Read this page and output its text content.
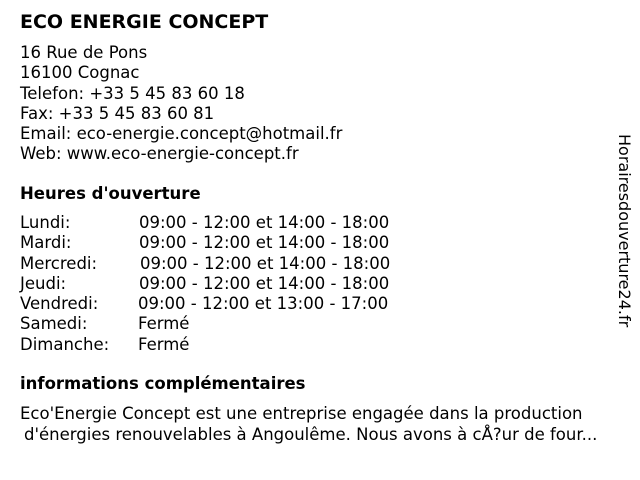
ECO ENERGIE CONCEPT
16 Rue de Pons
16100 Cognac
Telefon: +33 5 45 83 60 18
Fax: +33 5 45 83 60 81
Email: eco-energie.concept@hotmail.fr
Web: www.eco-energie-concept.fr
Heures d'ouverture
Lundi:	09:00 - 12:00 et 14:00 - 18:00
Mardi:	09:00 - 12:00 et 14:00 - 18:00
Mercredi:	09:00 - 12:00 et 14:00 - 18:00
Jeudi:	09:00 - 12:00 et 14:00 - 18:00
Vendredi: 09:00 - 12:00 et 13:00 - 17:00
Samedi:	Fermé
Dimanche: Fermé
informations complémentaires
Eco'Energie Concept est une entreprise engagée dans la production
d'énergies renouvelables à Angoulême. Nous avons à cÅ?ur de four...
Horairesdouverture24.fr
